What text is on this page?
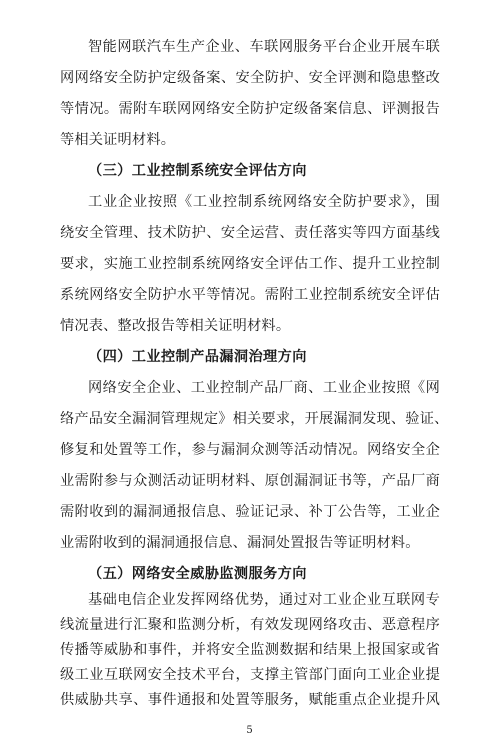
智能网联汽车生产企业、车联网服务平台企业开展车联
网网络安全防护定级备案、安全防护、安全评测和隐患整改
等情况。需附车联网网络安全防护定级备案信息、评测报告
等相关证明材料。
（三）工业控制系统安全评估方向
工业企业按照《工业控制系统网络安全防护要求》，围
绕安全管理、技术防护、安全运营、责任落实等四方面基线
要求，实施工业控制系统网络安全评估工作、提升工业控制
系统网络安全防护水平等情况。需附工业控制系统安全评估
情况表、整改报告等相关证明材料。
（四）工业控制产品漏洞治理方向
网络安全企业、工业控制产品厂商、工业企业按照《网
络产品安全漏洞管理规定》相关要求，开展漏洞发现、验证、
修复和处置等工作，参与漏洞众测等活动情况。网络安全企
业需附参与众测活动证明材料、原创漏洞证书等，产品厂商
需附收到的漏洞通报信息、验证记录、补丁公告等，工业企
业需附收到的漏洞通报信息、漏洞处置报告等证明材料。
（五）网络安全威胁监测服务方向
基础电信企业发挥网络优势，通过对工业企业互联网专
线流量进行汇聚和监测分析，有效发现网络攻击、恶意程序
传播等威胁和事件，并将安全监测数据和结果上报国家或省
级工业互联网安全技术平台，支撑主管部门面向工业企业提
5
供威胁共享、事件通报和处置等服务，赋能重点企业提升风
